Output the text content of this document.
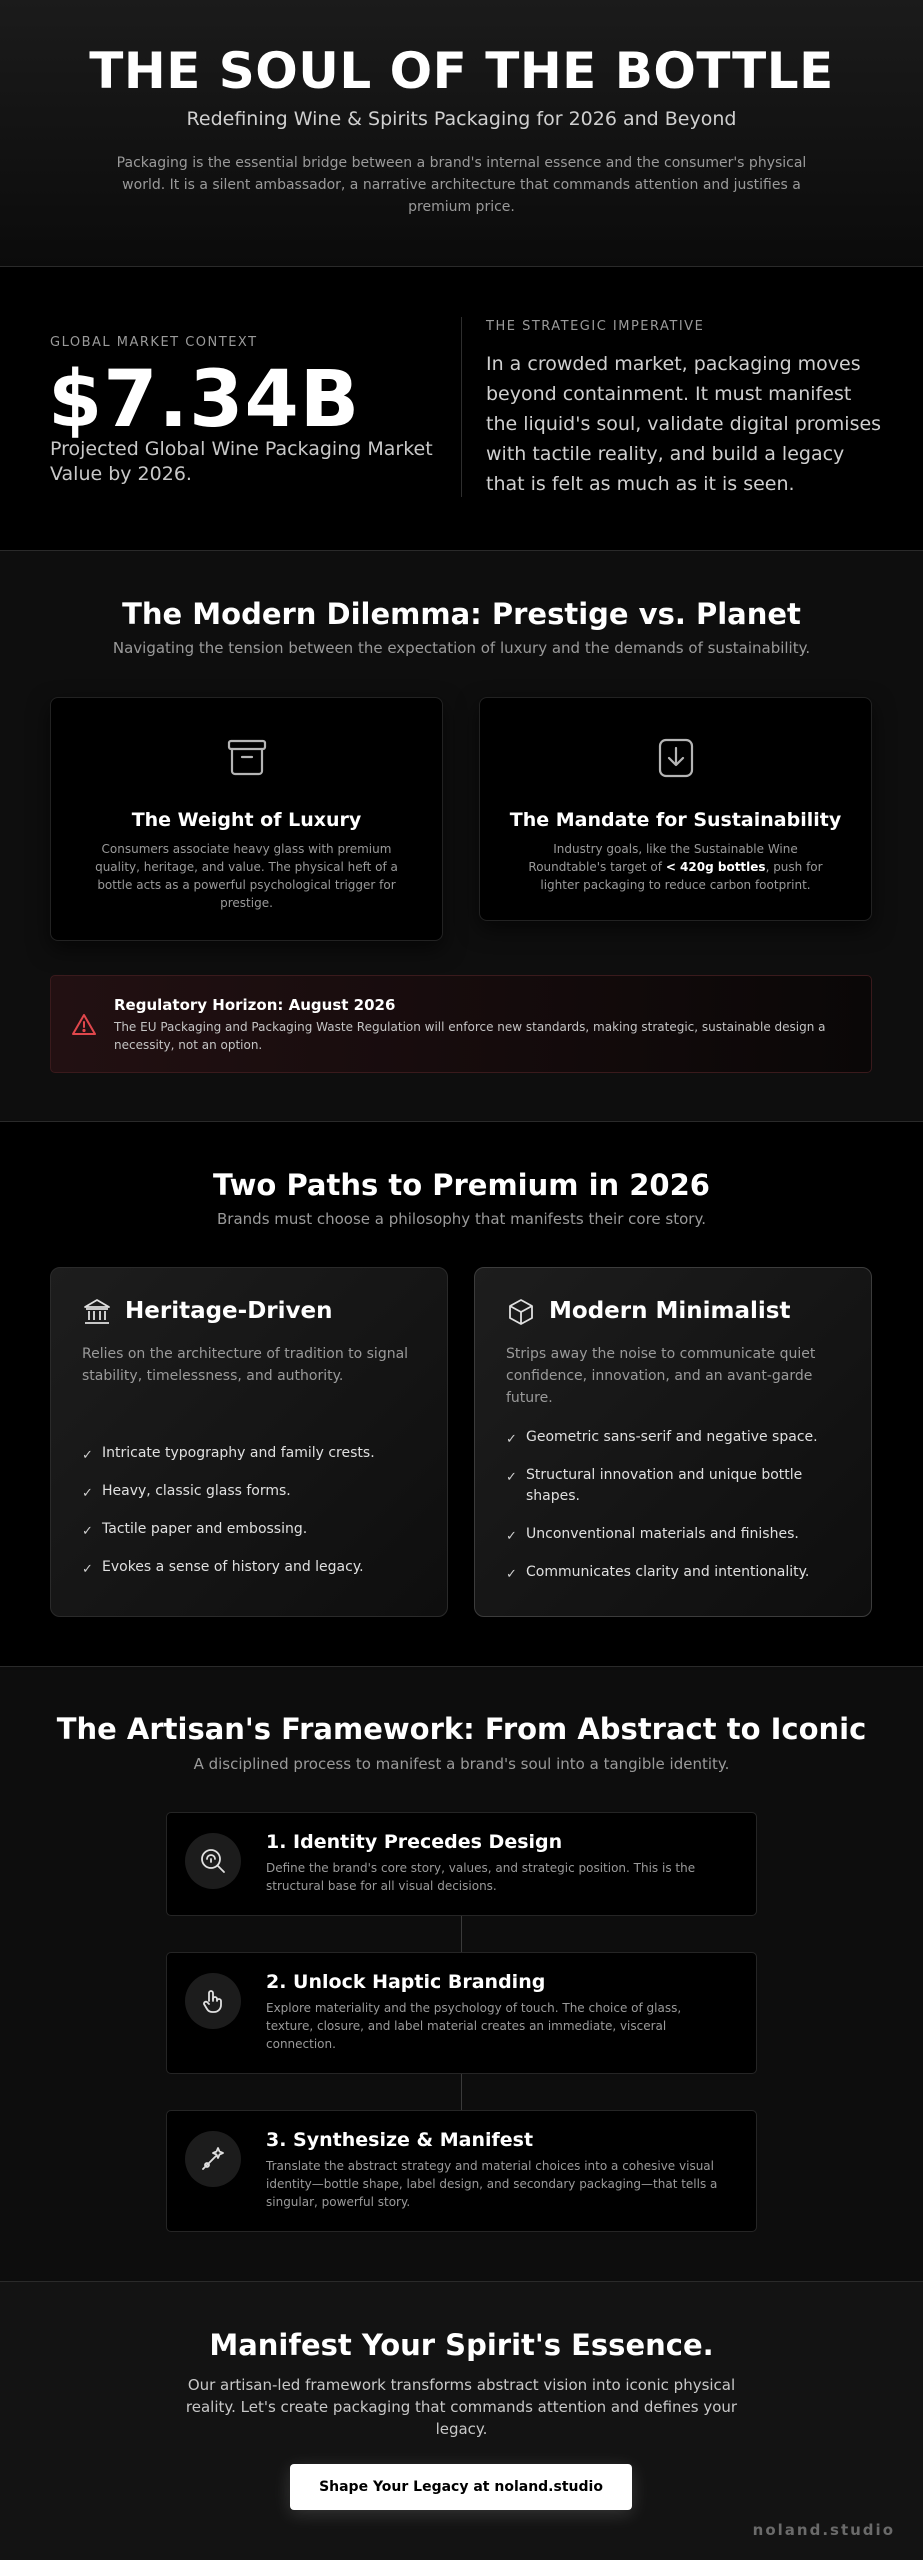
THE SOUL OF THE BOTTLE
Redefining Wine & Spirits Packaging for 2026 and Beyond

Packaging is the essential bridge between a brand's internal essence and the consumer's physical world. It is a silent ambassador, a narrative architecture that commands attention and justifies a premium price.

GLOBAL MARKET CONTEXT
$7.34B
Projected Global Wine Packaging Market Value by 2026.
THE STRATEGIC IMPERATIVE
In a crowded market, packaging moves beyond containment. It must manifest the liquid's soul, validate digital promises with tactile reality, and build a legacy that is felt as much as it is seen.
The Modern Dilemma: Prestige vs. Planet
Navigating the tension between the expectation of luxury and the demands of sustainability.
The Weight of Luxury
Consumers associate heavy glass with premium quality, heritage, and value. The physical heft of a bottle acts as a powerful psychological trigger for prestige.
The Mandate for Sustainability
Industry goals, like the Sustainable Wine Roundtable's target of < 420g bottles, push for lighter packaging to reduce carbon footprint.
Regulatory Horizon: August 2026
The EU Packaging and Packaging Waste Regulation will enforce new standards, making strategic, sustainable design a necessity, not an option.
Two Paths to Premium in 2026
Brands must choose a philosophy that manifests their core story.
Heritage-Driven
Relies on the architecture of tradition to signal stability, timelessness, and authority.
✓ Intricate typography and family crests.
✓ Heavy, classic glass forms.
✓ Tactile paper and embossing.
✓ Evokes a sense of history and legacy.
Modern Minimalist
Strips away the noise to communicate quiet confidence, innovation, and an avant-garde future.
✓ Geometric sans-serif and negative space.
✓ Structural innovation and unique bottle shapes.
✓ Unconventional materials and finishes.
✓ Communicates clarity and intentionality.
The Artisan's Framework: From Abstract to Iconic
A disciplined process to manifest a brand's soul into a tangible identity.
1. Identity Precedes Design
Define the brand's core story, values, and strategic position. This is the structural base for all visual decisions.
2. Unlock Haptic Branding
Explore materiality and the psychology of touch. The choice of glass, texture, closure, and label material creates an immediate, visceral connection.
3. Synthesize & Manifest
Translate the abstract strategy and material choices into a cohesive visual identity—bottle shape, label design, and secondary packaging—that tells a singular, powerful story.
Manifest Your Spirit's Essence.

Our artisan-led framework transforms abstract vision into iconic physical reality. Let's create packaging that commands attention and defines your legacy.

Shape Your Legacy at noland.studio
noland.studio
